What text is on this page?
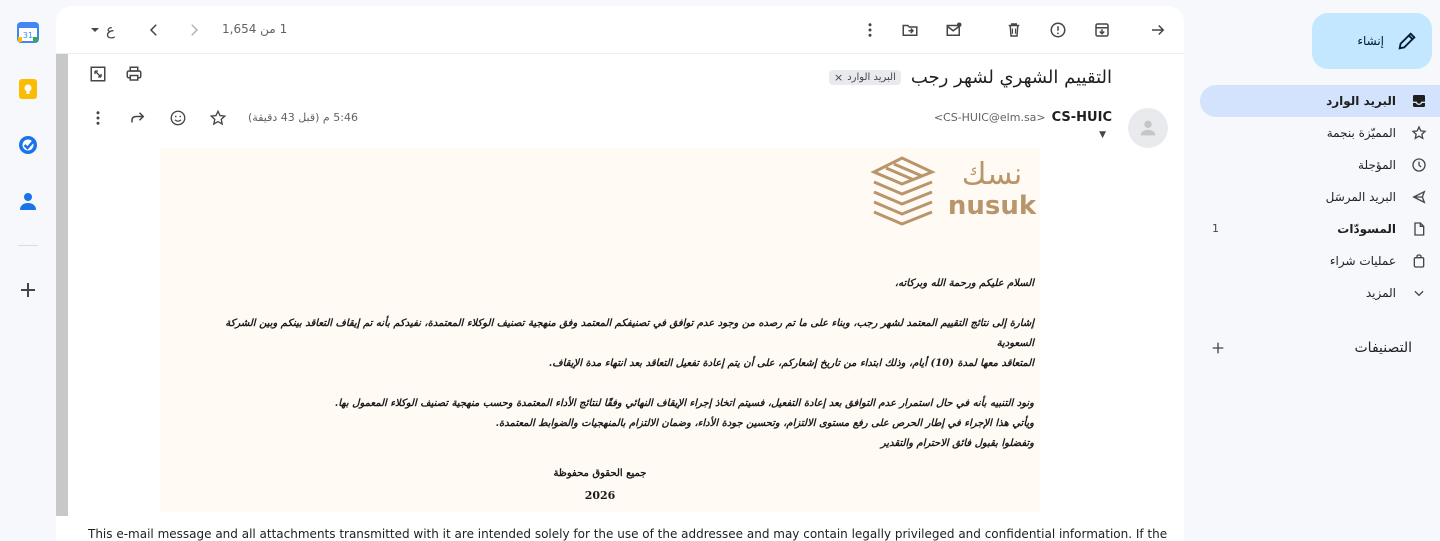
31	ع	1 من 1,654
التقييم الشهري لشهر رجب
البريد الوارد
×
CS-HUIC
<CS-HUIC@elm.sa>
▼
5:46 م (قبل 43 دقيقة)
نسك
nusuk

السلام عليكم ورحمة الله وبركاته،

إشارة إلى نتائج التقييم المعتمد لشهر رجب، وبناء على ما تم رصده من وجود عدم توافق في تصنيفكم المعتمد وفق منهجية تصنيف الوكلاء المعتمدة، نفيدكم بأنه تم إيقاف التعاقد بينكم وبين الشركة السعودية

المتعاقد معها لمدة (10) أيام، وذلك ابتداء من تاريخ إشعاركم، على أن يتم إعادة تفعيل التعاقد بعد انتهاء مدة الإيقاف.

ونود التنبيه بأنه في حال استمرار عدم التوافق بعد إعادة التفعيل، فسيتم اتخاذ إجراء الإيقاف النهائي وفقًا لنتائج الأداء المعتمدة وحسب منهجية تصنيف الوكلاء المعمول بها.

ويأتي هذا الإجراء في إطار الحرص على رفع مستوى الالتزام، وتحسين جودة الأداء، وضمان الالتزام بالمنهجيات والضوابط المعتمدة.

وتفضلوا بقبول فائق الاحترام والتقدير

جميع الحقوق محفوظة
2026
This e-mail message and all attachments transmitted with it are intended solely for the use of the addressee and may contain legally privileged and confidential information. If the
إنشاء
البريد الوارد
المميّزة بنجمة
المؤجلة
البريد المرسَل
المسودّات
1
عمليات شراء
المزيد
التصنيفات
